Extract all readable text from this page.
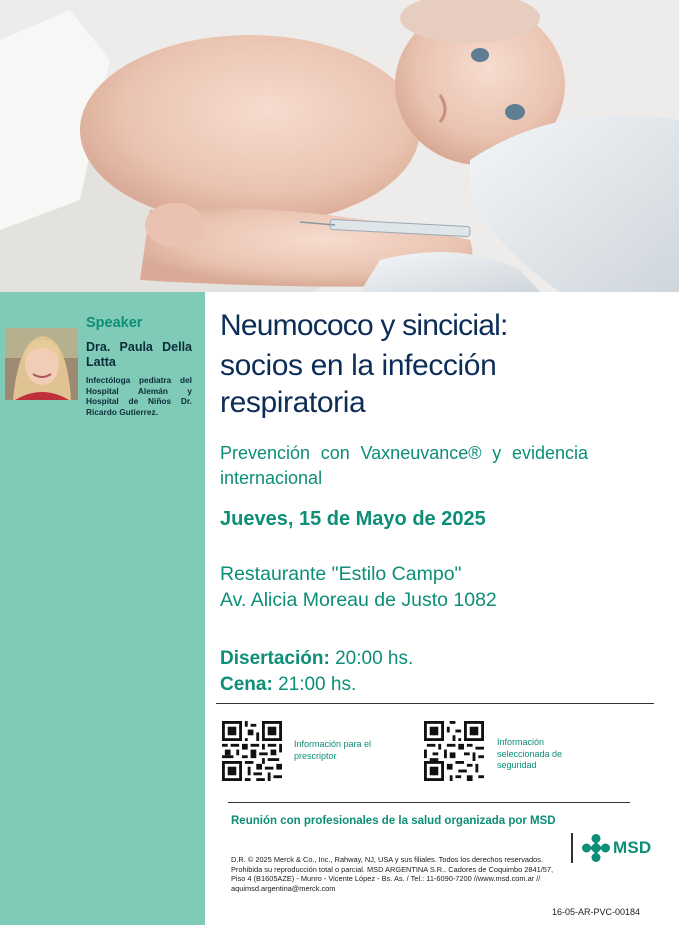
Speaker
Dra. Paula Della Latta
Infectóloga pediatra del Hospital Alemán y Hospital de Niños Dr. Ricardo Gutierrez.
Neumococo y sincicial:
socios en la infección respiratoria
Prevención con Vaxneuvance® y evidencia internacional
Jueves, 15 de Mayo de 2025
Restaurante "Estilo Campo"
Av. Alicia Moreau de Justo 1082
Disertación: 20:00 hs.
Cena: 21:00 hs.
Información para el prescriptor
Información seleccionada de seguridad
Reunión con profesionales de la salud organizada por MSD
D.R. © 2025 Merck & Co., Inc., Rahway, NJ, USA y sus filiales. Todos los derechos reservados. Prohibida su reproducción total o parcial. MSD ARGENTINA S.R.. Cadores de Coquimbo 2841/57, Piso 4 (B1605AZE) - Munro - Vicente López - Bs. As. / Tel.: 11-6090-7200 //www.msd.com.ar // aquimsd.argentina@merck.com
MSD
16-05-AR-PVC-00184
